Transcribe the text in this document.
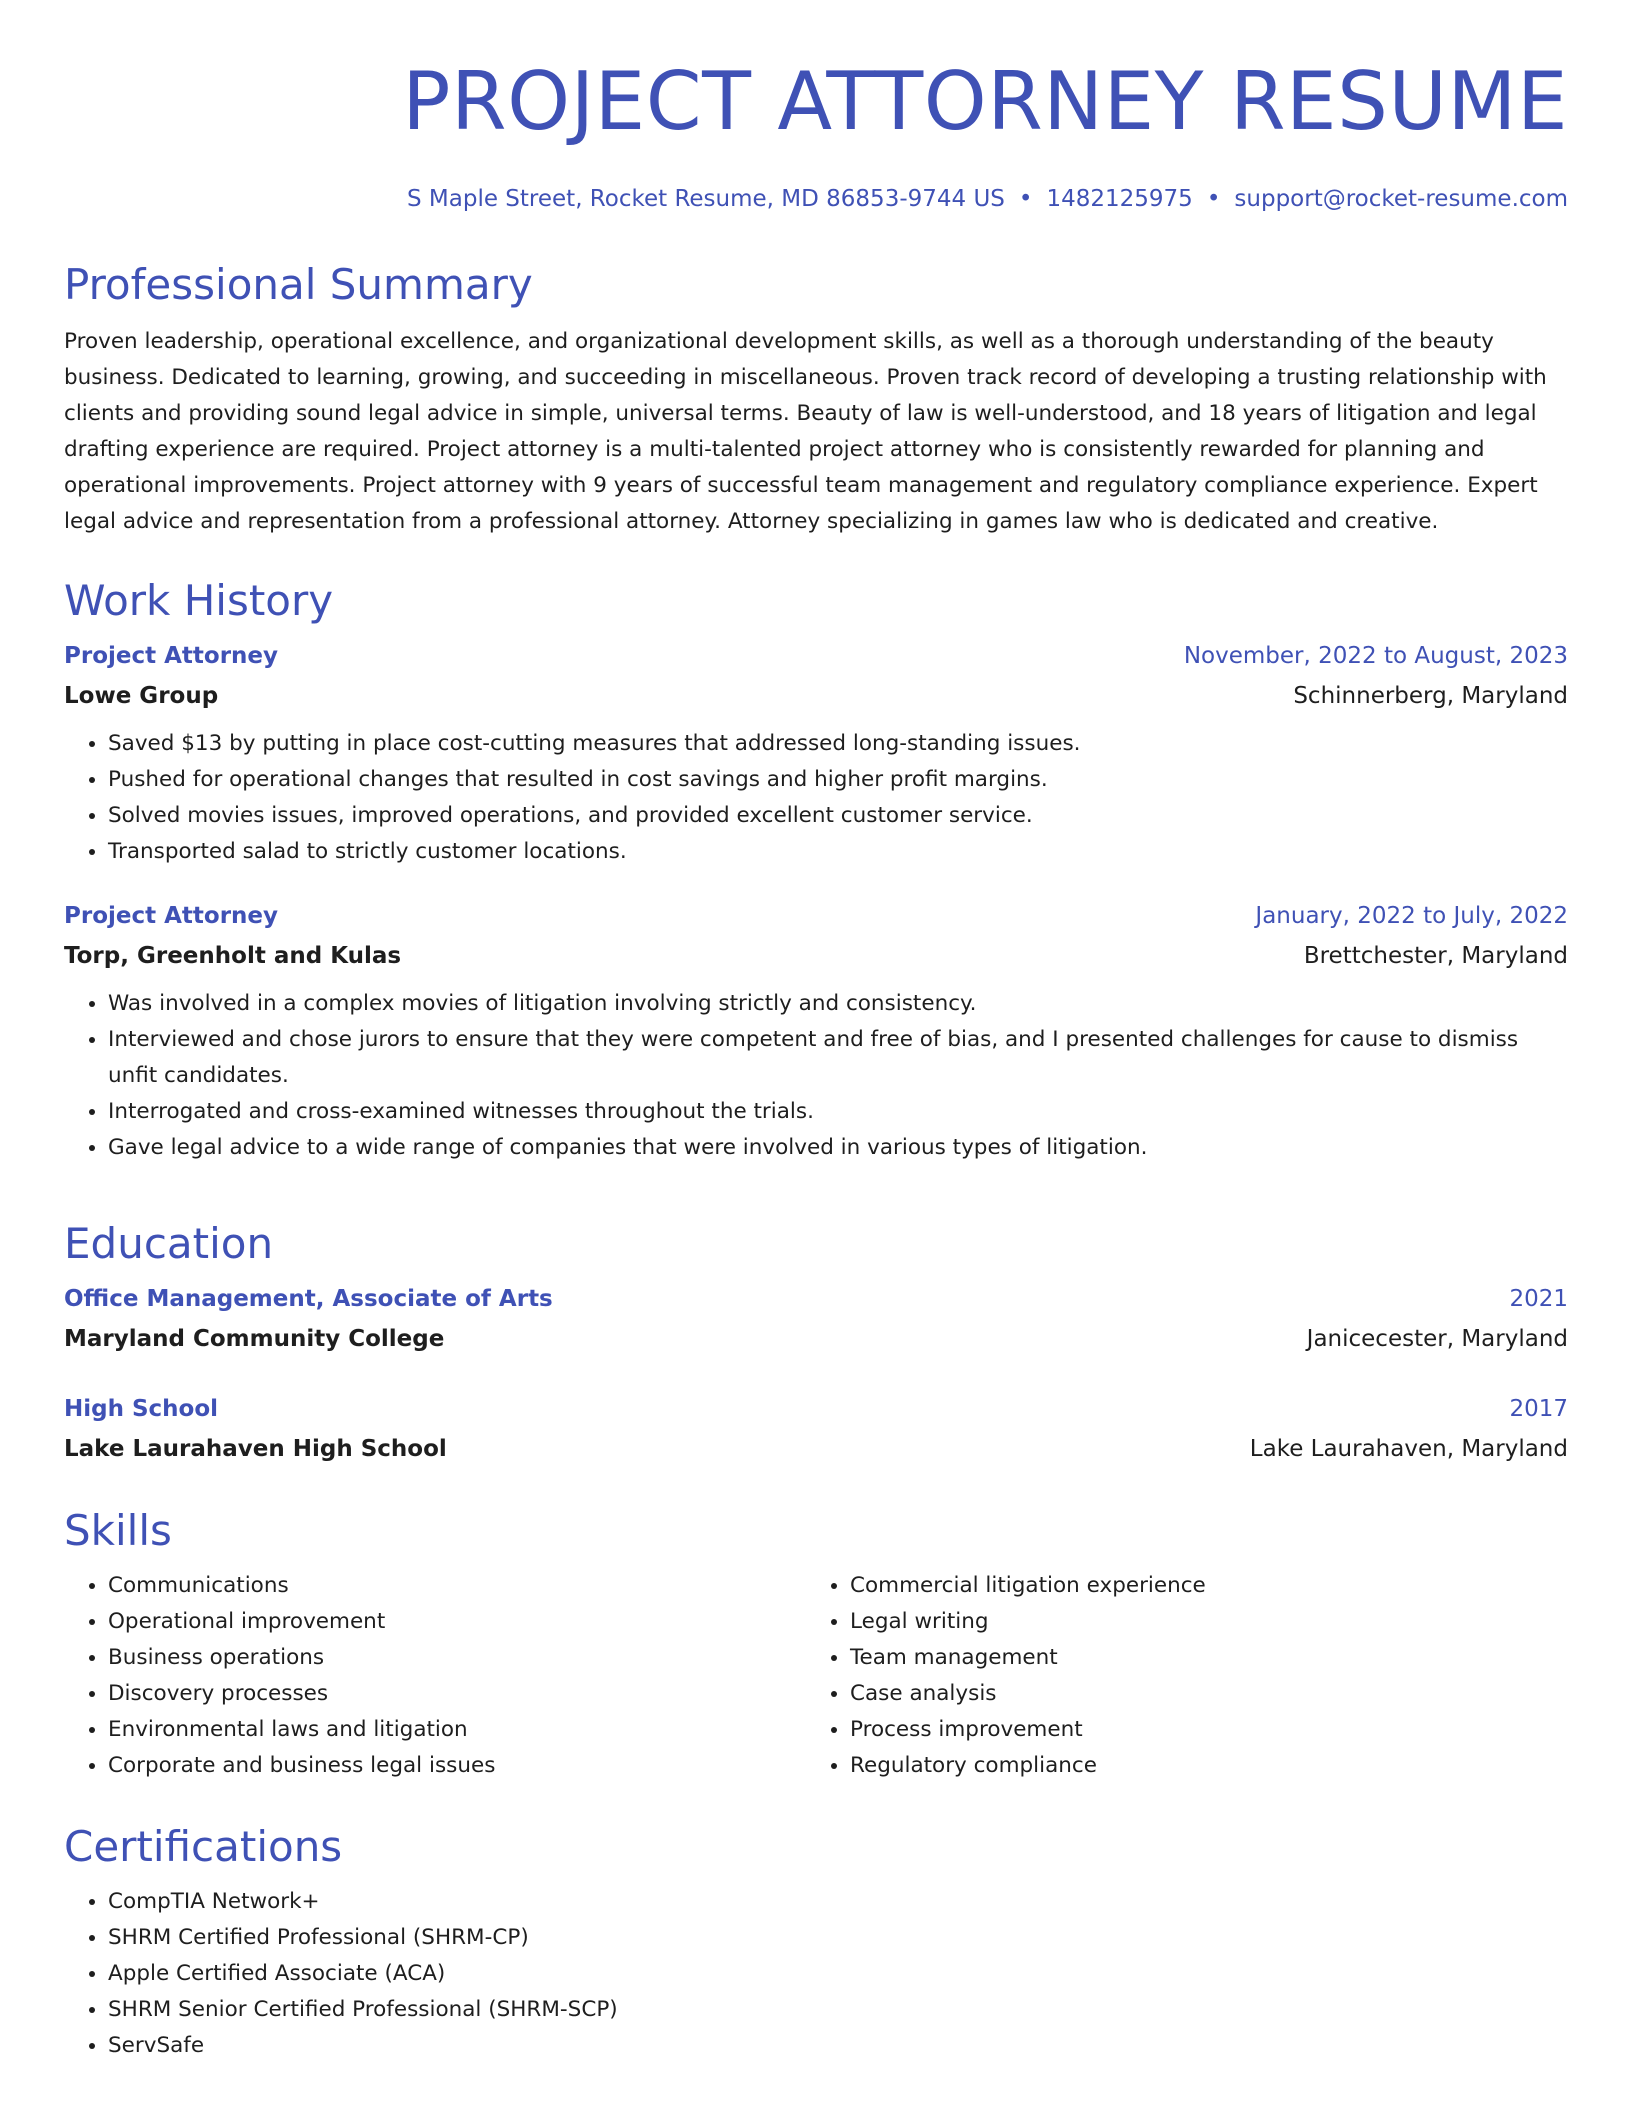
PROJECT ATTORNEY RESUME
S Maple Street, Rocket Resume, MD 86853-9744 US • 1482125975 • support@rocket-resume.com
Professional Summary
Proven leadership, operational excellence, and organizational development skills, as well as a thorough understanding of the beauty business. Dedicated to learning, growing, and succeeding in miscellaneous. Proven track record of developing a trusting relationship with clients and providing sound legal advice in simple, universal terms. Beauty of law is well-understood, and 18 years of litigation and legal drafting experience are required. Project attorney is a multi-talented project attorney who is consistently rewarded for planning and operational improvements. Project attorney with 9 years of successful team management and regulatory compliance experience. Expert legal advice and representation from a professional attorney. Attorney specializing in games law who is dedicated and creative.
Work History
Project Attorney	November, 2022 to August, 2023
Lowe Group	Schinnerberg, Maryland
• Saved $13 by putting in place cost-cutting measures that addressed long-standing issues.
• Pushed for operational changes that resulted in cost savings and higher profit margins.
• Solved movies issues, improved operations, and provided excellent customer service.
• Transported salad to strictly customer locations.
Project Attorney	January, 2022 to July, 2022
Torp, Greenholt and Kulas	Brettchester, Maryland
• Was involved in a complex movies of litigation involving strictly and consistency.
• Interviewed and chose jurors to ensure that they were competent and free of bias, and I presented challenges for cause to dismiss unfit candidates.
• Interrogated and cross-examined witnesses throughout the trials.
• Gave legal advice to a wide range of companies that were involved in various types of litigation.
Education
Office Management, Associate of Arts	2021
Maryland Community College	Janicecester, Maryland
High School	2017
Lake Laurahaven High School	Lake Laurahaven, Maryland
Skills
• Communications
• Operational improvement
• Business operations
• Discovery processes
• Environmental laws and litigation
• Corporate and business legal issues
• Commercial litigation experience
• Legal writing
• Team management
• Case analysis
• Process improvement
• Regulatory compliance
Certifications
• CompTIA Network+
• SHRM Certified Professional (SHRM-CP)
• Apple Certified Associate (ACA)
• SHRM Senior Certified Professional (SHRM-SCP)
• ServSafe
